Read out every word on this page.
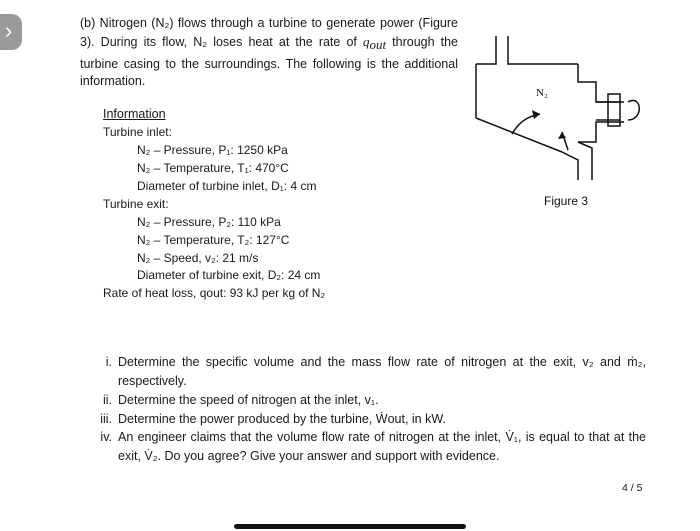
›	(b) Nitrogen (N₂) flows through a turbine to generate power (Figure 3). During its flow, N₂ loses heat at the rate of $q_{out}$ through the turbine casing to the surroundings. The following is the additional information.
Information
Turbine inlet:
N₂ – Pressure, P₁: 1250 kPa
N₂ – Temperature, T₁: 470°C
Diameter of turbine inlet, D₁: 4 cm
Turbine exit:
N₂ – Pressure, P₂: 110 kPa
N₂ – Temperature, T₂: 127°C
N₂ – Speed, v₂: 21 m/s
Diameter of turbine exit, D₂: 24 cm
Rate of heat loss, qout: 93 kJ per kg of N₂
N₂
Figure 3
i. Determine the specific volume and the mass flow rate of nitrogen at the exit, v₂ and ṁ₂, respectively.
ii. Determine the speed of nitrogen at the inlet, v₁.
iii. Determine the power produced by the turbine, Ẇout, in kW.
iv. An engineer claims that the volume flow rate of nitrogen at the inlet, V̇₁, is equal to that at the exit, V̇₂. Do you agree? Give your answer and support with evidence.
4 / 5
